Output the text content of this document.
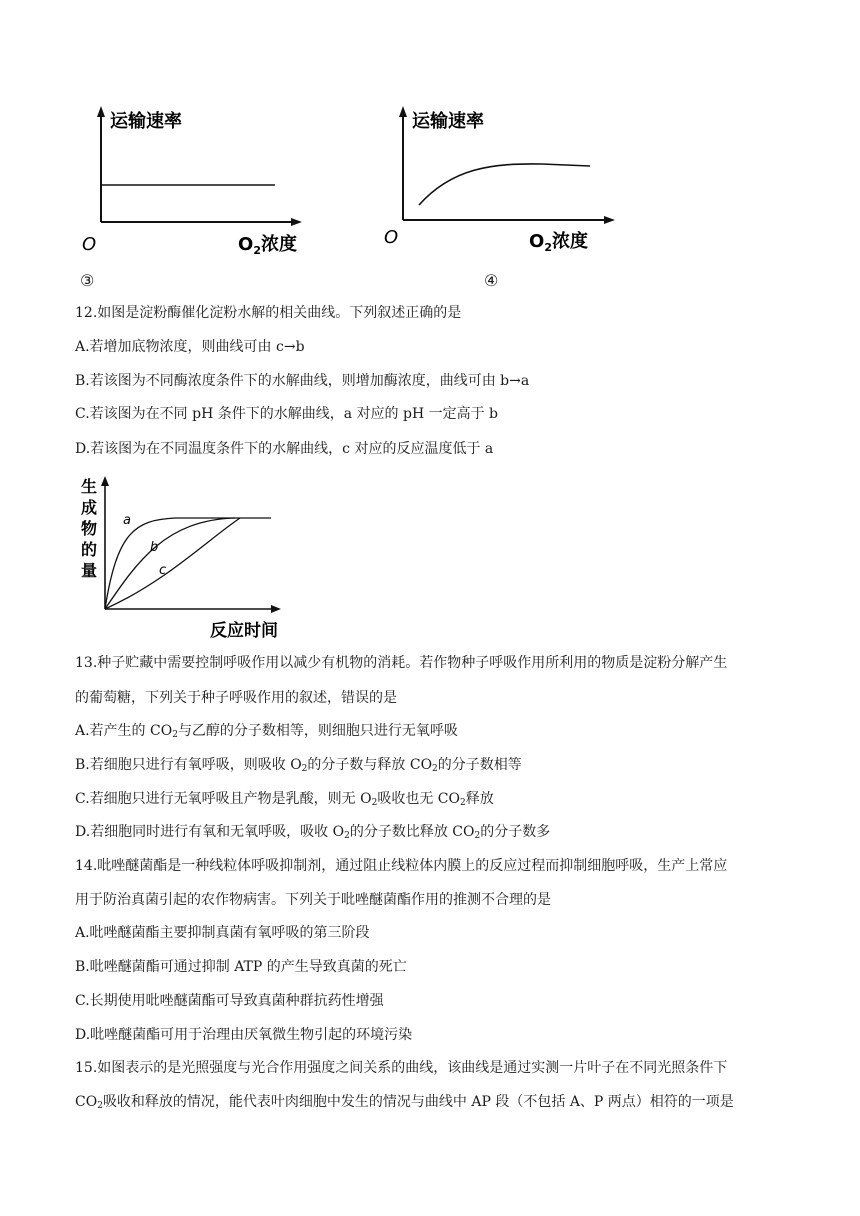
运输速率
O	$O_2$浓度
③
运输速率
O	$O_2$浓度
④
12.如图是淀粉酶催化淀粉水解的相关曲线。下列叙述正确的是
A.若增加底物浓度，则曲线可由 c→b
B.若该图为不同酶浓度条件下的水解曲线，则增加酶浓度，曲线可由 b→a
C.若该图为在不同 pH 条件下的水解曲线，a 对应的 pH 一定高于 b
D.若该图为在不同温度条件下的水解曲线，c 对应的反应温度低于 a
生
成
物
的
量
a
b
c
反应时间
13.种子贮藏中需要控制呼吸作用以减少有机物的消耗。若作物种子呼吸作用所利用的物质是淀粉分解产生
的葡萄糖，下列关于种子呼吸作用的叙述，错误的是
A.若产生的 $CO_2$与乙醇的分子数相等，则细胞只进行无氧呼吸
B.若细胞只进行有氧呼吸，则吸收 $O_2$的分子数与释放 $CO_2$的分子数相等
C.若细胞只进行无氧呼吸且产物是乳酸，则无 $O_2$吸收也无 $CO_2$释放
D.若细胞同时进行有氧和无氧呼吸，吸收 $O_2$的分子数比释放 $CO_2$的分子数多
14.吡唑醚菌酯是一种线粒体呼吸抑制剂，通过阻止线粒体内膜上的反应过程而抑制细胞呼吸，生产上常应
用于防治真菌引起的农作物病害。下列关于吡唑醚菌酯作用的推测不合理的是
A.吡唑醚菌酯主要抑制真菌有氧呼吸的第三阶段
B.吡唑醚菌酯可通过抑制 ATP 的产生导致真菌的死亡
C.长期使用吡唑醚菌酯可导致真菌种群抗药性增强
D.吡唑醚菌酯可用于治理由厌氧微生物引起的环境污染
15.如图表示的是光照强度与光合作用强度之间关系的曲线，该曲线是通过实测一片叶子在不同光照条件下
$CO_2$吸收和释放的情况，能代表叶肉细胞中发生的情况与曲线中 AP 段（不包括 A、P 两点）相符的一项是
